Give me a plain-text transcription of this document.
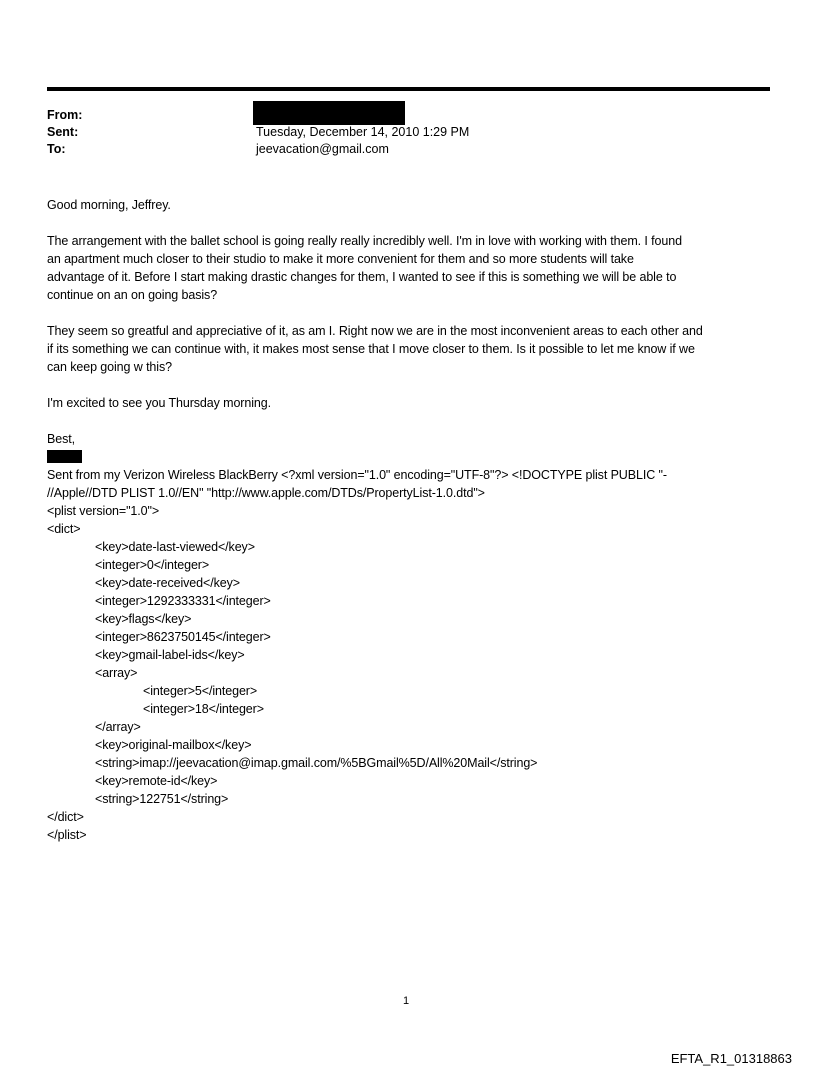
From:
Sent:	Tuesday, December 14, 2010 1:29 PM
To:	jeevacation@gmail.com
Good morning, Jeffrey.
The arrangement with the ballet school is going really really incredibly well. I'm in love with working with them. I found
an apartment much closer to their studio to make it more convenient for them and so more students will take
advantage of it. Before I start making drastic changes for them, I wanted to see if this is something we will be able to
continue on an on going basis?
They seem so greatful and appreciative of it, as am I. Right now we are in the most inconvenient areas to each other and
if its something we can continue with, it makes most sense that I move closer to them. Is it possible to let me know if we
can keep going w this?
I'm excited to see you Thursday morning.
Best,
Sent from my Verizon Wireless BlackBerry <?xml version="1.0" encoding="UTF-8"?> <!DOCTYPE plist PUBLIC "-
//Apple//DTD PLIST 1.0//EN" "http://www.apple.com/DTDs/PropertyList-1.0.dtd">
<plist version="1.0">
<dict>
<key>date-last-viewed</key>
<integer>0</integer>
<key>date-received</key>
<integer>1292333331</integer>
<key>flags</key>
<integer>8623750145</integer>
<key>gmail-label-ids</key>
<array>
<integer>5</integer>
<integer>18</integer>
</array>
<key>original-mailbox</key>
<string>imap://jeevacation@imap.gmail.com/%5BGmail%5D/All%20Mail</string>
<key>remote-id</key>
<string>122751</string>
</dict>
</plist>
1
EFTA_R1_01318863
